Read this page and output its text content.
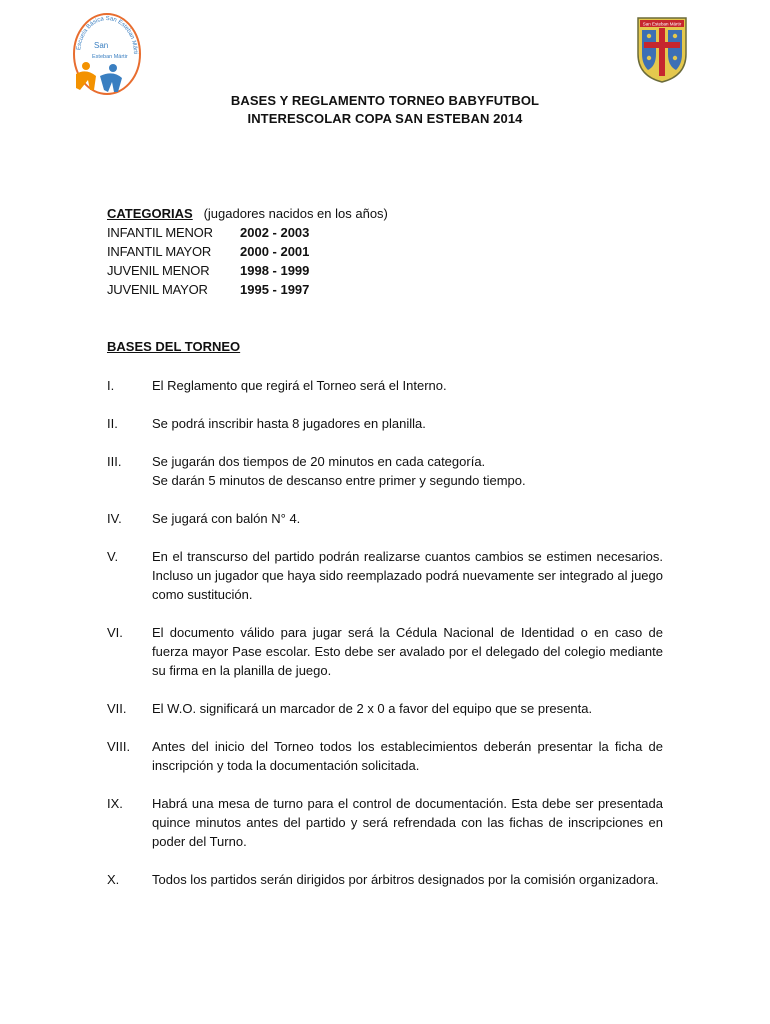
Escuela Básica San Esteban Márti
San
Esteban Mártir
San Esteban Mártir
BASES Y REGLAMENTO TORNEO BABYFUTBOL
INTERESCOLAR COPA SAN ESTEBAN 2014
CATEGORIAS (jugadores nacidos en los años)
INFANTIL MENOR 2002 - 2003
INFANTIL MAYOR 2000 - 2001
JUVENIL MENOR 1998 - 1999
JUVENIL MAYOR 1995 - 1997
BASES DEL TORNEO
I.	El Reglamento que regirá el Torneo será el Interno.
II.	Se podrá inscribir hasta 8 jugadores en planilla.
III. Se jugarán dos tiempos de 20 minutos en cada categoría.
Se darán 5 minutos de descanso entre primer y segundo tiempo.
IV. Se jugará con balón N° 4.
V.	En el transcurso del partido podrán realizarse cuantos cambios se estimen necesarios. Incluso un jugador que haya sido reemplazado podrá nuevamente ser integrado al juego como sustitución.
VI. El documento válido para jugar será la Cédula Nacional de Identidad o en caso de fuerza mayor Pase escolar. Esto debe ser avalado por el delegado del colegio mediante su firma en la planilla de juego.
VII. El W.O. significará un marcador de 2 x 0 a favor del equipo que se presenta.
VIII. Antes del inicio del Torneo todos los establecimientos deberán presentar la ficha de inscripción y toda la documentación solicitada.
IX. Habrá una mesa de turno para el control de documentación. Esta debe ser presentada quince minutos antes del partido y será refrendada con las fichas de inscripciones en poder del Turno.
X.	Todos los partidos serán dirigidos por árbitros designados por la comisión organizadora.
